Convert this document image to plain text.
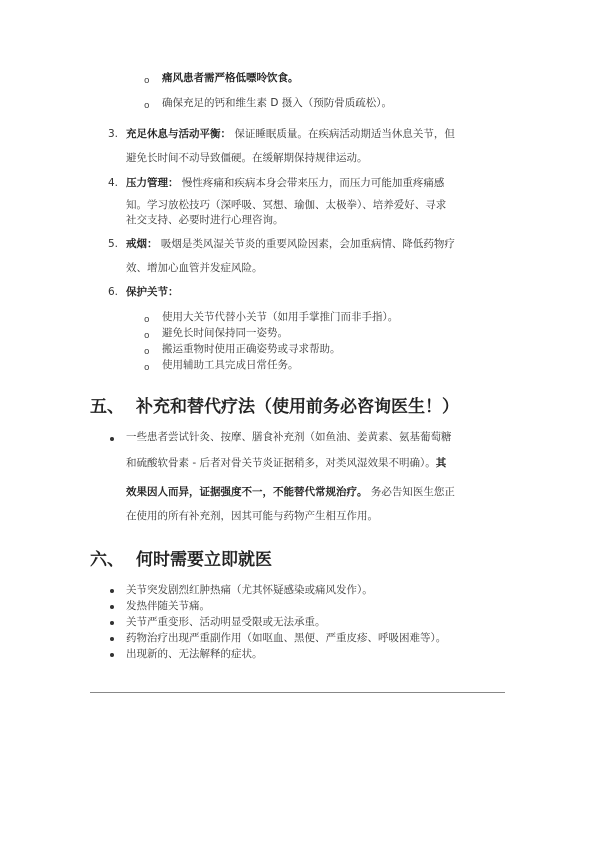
o 痛风患者需严格低嘌呤饮食。
o 确保充足的钙和维生素 D 摄入（预防骨质疏松）。
3. 充足休息与活动平衡： 保证睡眠质量。在疾病活动期适当休息关节，但
避免长时间不动导致僵硬。在缓解期保持规律运动。
4. 压力管理： 慢性疼痛和疾病本身会带来压力，而压力可能加重疼痛感
知。学习放松技巧（深呼吸、冥想、瑜伽、太极拳）、培养爱好、寻求
社交支持、必要时进行心理咨询。
5. 戒烟： 吸烟是类风湿关节炎的重要风险因素，会加重病情、降低药物疗
效、增加心血管并发症风险。
6. 保护关节：
o 使用大关节代替小关节（如用手掌推门而非手指）。
o 避免长时间保持同一姿势。
o 搬运重物时使用正确姿势或寻求帮助。
o 使用辅助工具完成日常任务。
五、 补充和替代疗法（使用前务必咨询医生！）
一些患者尝试针灸、按摩、膳食补充剂（如鱼油、姜黄素、氨基葡萄糖
和硫酸软骨素 - 后者对骨关节炎证据稍多，对类风湿效果不明确）。其
效果因人而异，证据强度不一，不能替代常规治疗。 务必告知医生您正
在使用的所有补充剂，因其可能与药物产生相互作用。
六、 何时需要立即就医
关节突发剧烈红肿热痛（尤其怀疑感染或痛风发作）。
发热伴随关节痛。
关节严重变形、活动明显受限或无法承重。
药物治疗出现严重副作用（如呕血、黑便、严重皮疹、呼吸困难等）。
出现新的、无法解释的症状。
